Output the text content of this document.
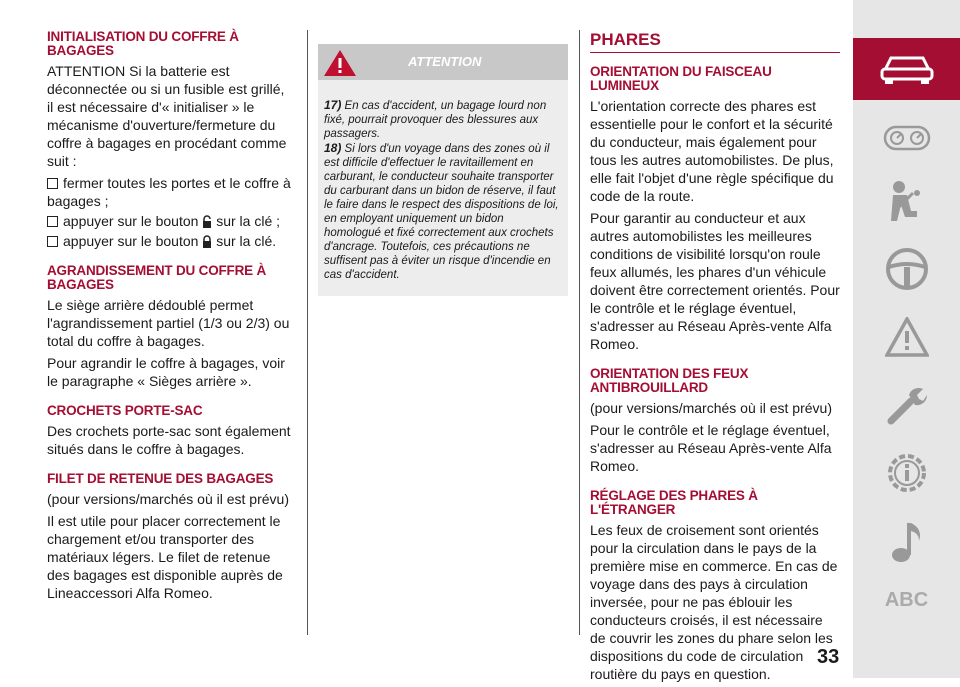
INITIALISATION DU COFFRE À BAGAGES

ATTENTION Si la batterie est déconnectée ou si un fusible est grillé, il est nécessaire d'« initialiser » le mécanisme d'ouverture/fermeture du coffre à bagages en procédant comme suit :

fermer toutes les portes et le coffre à bagages ;
appuyer sur le bouton sur la clé ;
appuyer sur le bouton sur la clé.
AGRANDISSEMENT DU COFFRE À BAGAGES

Le siège arrière dédoublé permet l'agrandissement partiel (1/3 ou 2/3) ou total du coffre à bagages.

Pour agrandir le coffre à bagages, voir le paragraphe « Sièges arrière ».

CROCHETS PORTE-SAC

Des crochets porte-sac sont également situés dans le coffre à bagages.

FILET DE RETENUE DES BAGAGES

(pour versions/marchés où il est prévu)

Il est utile pour placer correctement le chargement et/ou transporter des matériaux légers. Le filet de retenue des bagages est disponible auprès de Lineaccessori Alfa Romeo.

ATTENTION

17) En cas d'accident, un bagage lourd non fixé, pourrait provoquer des blessures aux passagers.

18) Si lors d'un voyage dans des zones où il est difficile d'effectuer le ravitaillement en carburant, le conducteur souhaite transporter du carburant dans un bidon de réserve, il faut le faire dans le respect des dispositions de loi, en employant uniquement un bidon homologué et fixé correctement aux crochets d'ancrage. Toutefois, ces précautions ne suffisent pas à éviter un risque d'incendie en cas d'accident.

PHARES
ORIENTATION DU FAISCEAU LUMINEUX

L'orientation correcte des phares est essentielle pour le confort et la sécurité du conducteur, mais également pour tous les autres automobilistes. De plus, elle fait l'objet d'une règle spécifique du code de la route.

Pour garantir au conducteur et aux autres automobilistes les meilleures conditions de visibilité lorsqu'on roule feux allumés, les phares d'un véhicule doivent être correctement orientés. Pour le contrôle et le réglage éventuel, s'adresser au Réseau Après-vente Alfa Romeo.

ORIENTATION DES FEUX ANTIBROUILLARD

(pour versions/marchés où il est prévu)

Pour le contrôle et le réglage éventuel, s'adresser au Réseau Après-vente Alfa Romeo.

RÉGLAGE DES PHARES À L'ÉTRANGER

Les feux de croisement sont orientés pour la circulation dans le pays de la première mise en commerce. En cas de voyage dans des pays à circulation inversée, pour ne pas éblouir les conducteurs croisés, il est nécessaire de couvrir les zones du phare selon les dispositions du code de circulation routière du pays en question.

ABC
33
